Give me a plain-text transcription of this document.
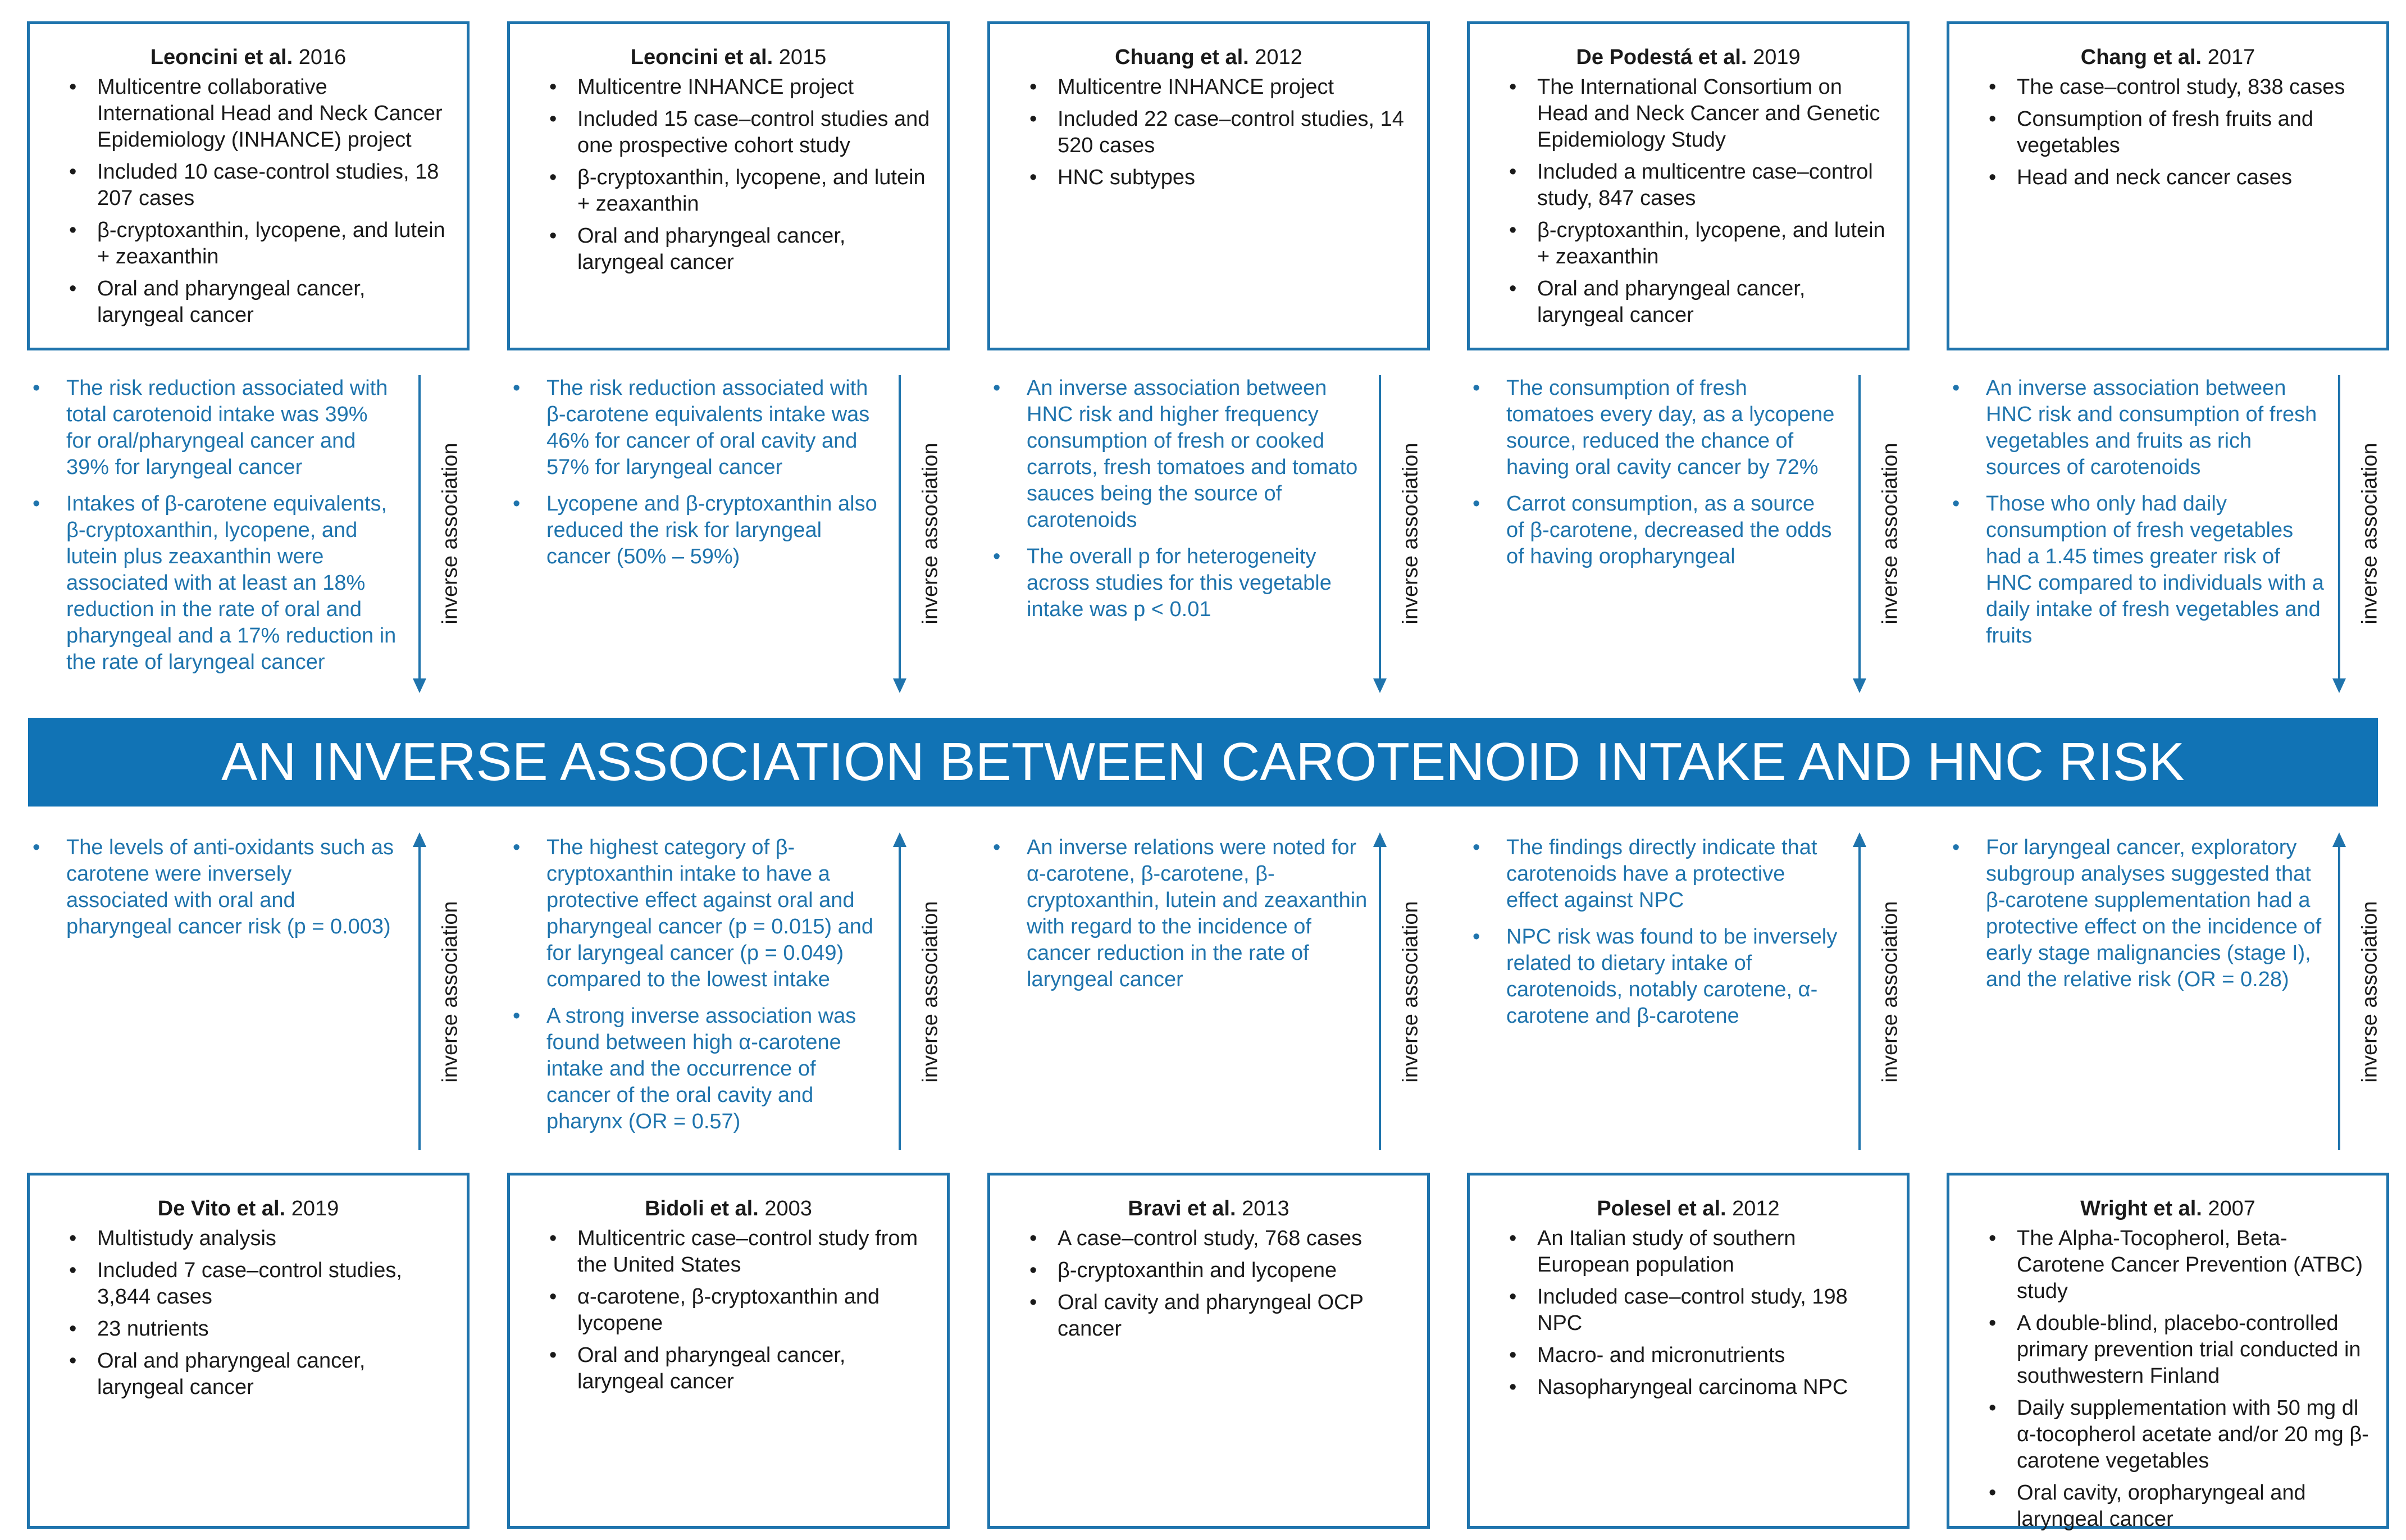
Leoncini et al. 2016
• Multicentre collaborative International Head and Neck Cancer Epidemiology (INHANCE) project
• Included 10 case-control studies, 18 207 cases
• β-cryptoxanthin, lycopene, and lutein + zeaxanthin
• Oral and pharyngeal cancer, laryngeal cancer
Leoncini et al. 2015
• Multicentre INHANCE project
• Included 15 case–control studies and one prospective cohort study
• β-cryptoxanthin, lycopene, and lutein + zeaxanthin
• Oral and pharyngeal cancer, laryngeal cancer
Chuang et al. 2012
• Multicentre INHANCE project
• Included 22 case–control studies, 14 520 cases
• HNC subtypes
De Podestá et al. 2019
• The International Consortium on Head and Neck Cancer and Genetic Epidemiology Study
• Included a multicentre case–control study, 847 cases
• β-cryptoxanthin, lycopene, and lutein + zeaxanthin
• Oral and pharyngeal cancer, laryngeal cancer
Chang et al. 2017
• The case–control study, 838 cases
• Consumption of fresh fruits and vegetables
• Head and neck cancer cases
• The risk reduction associated with total carotenoid intake was 39% for oral/pharyngeal cancer and 39% for laryngeal cancer
• Intakes of β-carotene equivalents, β-cryptoxanthin, lycopene, and lutein plus zeaxanthin were associated with at least an 18% reduction in the rate of oral and pharyngeal and a 17% reduction in the rate of laryngeal cancer
• The risk reduction associated with β-carotene equivalents intake was 46% for cancer of oral cavity and 57% for laryngeal cancer
• Lycopene and β-cryptoxanthin also reduced the risk for laryngeal cancer (50% – 59%)
• An inverse association between HNC risk and higher frequency consumption of fresh or cooked carrots, fresh tomatoes and tomato sauces being the source of carotenoids
• The overall p for heterogeneity across studies for this vegetable intake was p < 0.01
• The consumption of fresh tomatoes every day, as a lycopene source, reduced the chance of having oral cavity cancer by 72%
• Carrot consumption, as a source of β-carotene, decreased the odds of having oropharyngeal
• An inverse association between HNC risk and consumption of fresh vegetables and fruits as rich sources of carotenoids
• Those who only had daily consumption of fresh vegetables had a 1.45 times greater risk of HNC compared to individuals with a daily intake of fresh vegetables and fruits
inverse association	inverse association	inverse association	inverse association	inverse association
AN INVERSE ASSOCIATION BETWEEN CAROTENOID INTAKE AND HNC RISK
• The levels of anti-oxidants such as carotene were inversely associated with oral and pharyngeal cancer risk (p = 0.003)
• The highest category of β-cryptoxanthin intake to have a protective effect against oral and pharyngeal cancer (p = 0.015) and for laryngeal cancer (p = 0.049) compared to the lowest intake
• A strong inverse association was found between high α-carotene intake and the occurrence of cancer of the oral cavity and pharynx (OR = 0.57)
• An inverse relations were noted for α-carotene, β-carotene, β-cryptoxanthin, lutein and zeaxanthin with regard to the incidence of cancer reduction in the rate of laryngeal cancer
• The findings directly indicate that carotenoids have a protective effect against NPC
• NPC risk was found to be inversely related to dietary intake of carotenoids, notably carotene, α-carotene and β-carotene
• For laryngeal cancer, exploratory subgroup analyses suggested that β-carotene supplementation had a protective effect on the incidence of early stage malignancies (stage I), and the relative risk (OR = 0.28)
inverse association	inverse association	inverse association	inverse association	inverse association
De Vito et al. 2019
• Multistudy analysis
• Included 7 case–control studies, 3,844 cases
• 23 nutrients
• Oral and pharyngeal cancer, laryngeal cancer
Bidoli et al. 2003
• Multicentric case–control study from the United States
• α-carotene, β-cryptoxanthin and lycopene
• Oral and pharyngeal cancer, laryngeal cancer
Bravi et al. 2013
• A case–control study, 768 cases
• β-cryptoxanthin and lycopene
• Oral cavity and pharyngeal OCP cancer
Polesel et al. 2012
• An Italian study of southern European population
• Included case–control study, 198 NPC
• Macro- and micronutrients
• Nasopharyngeal carcinoma NPC
Wright et al. 2007
• The Alpha-Tocopherol, Beta-Carotene Cancer Prevention (ATBC) study
• A double-blind, placebo-controlled primary prevention trial conducted in southwestern Finland
• Daily supplementation with 50 mg dl α-tocopherol acetate and/or 20 mg β-carotene vegetables
• Oral cavity, oropharyngeal and laryngeal cancer
